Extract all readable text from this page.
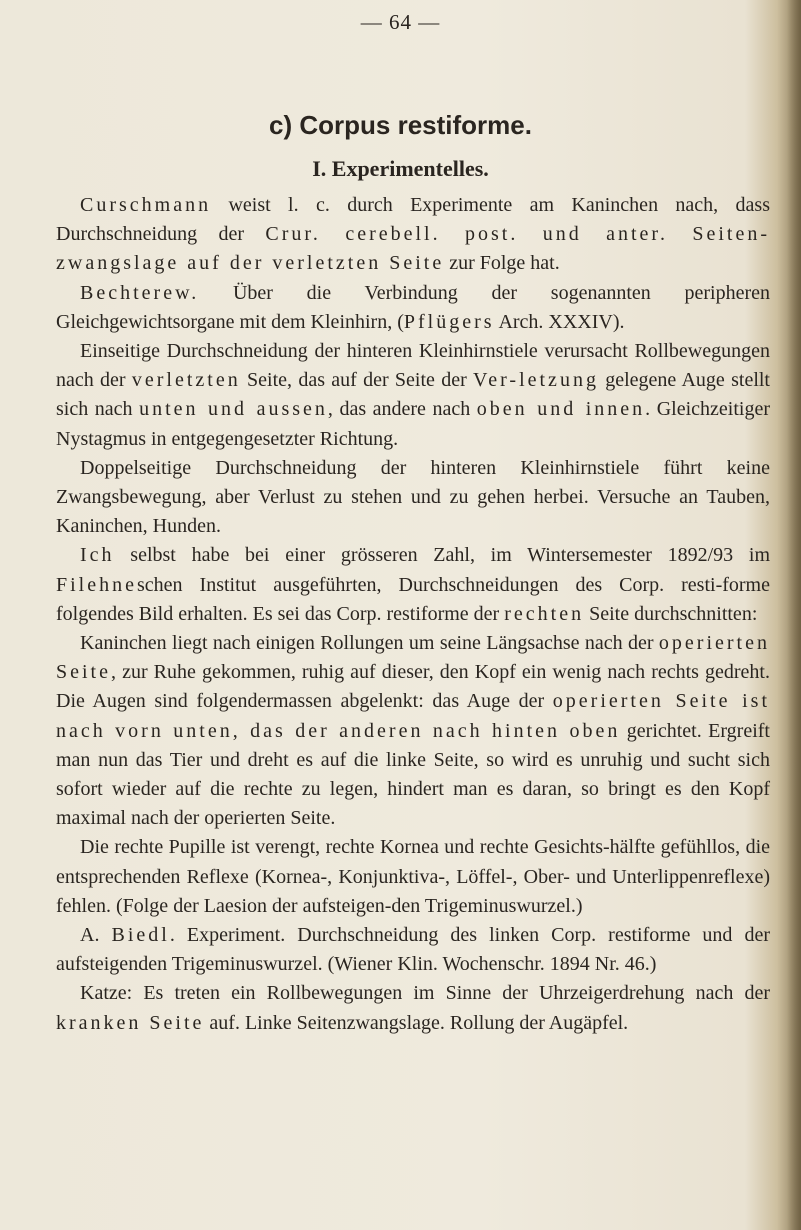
— 64 —
c) Corpus restiforme.
I. Experimentelles.

Curschmann weist l. c. durch Experimente am Kaninchen nach, dass Durchschneidung der Crur. cerebell. post. und anter. Seiten-zwangslage auf der verletzten Seite zur Folge hat.

Bechterew. Über die Verbindung der sogenannten peripheren Gleichgewichtsorgane mit dem Kleinhirn, (Pflügers Arch. XXXIV).

Einseitige Durchschneidung der hinteren Kleinhirnstiele verursacht Rollbewegungen nach der verletzten Seite, das auf der Seite der Ver-letzung gelegene Auge stellt sich nach unten und aussen, das andere nach oben und innen. Gleichzeitiger Nystagmus in entgegengesetzter Richtung.

Doppelseitige Durchschneidung der hinteren Kleinhirnstiele führt keine Zwangsbewegung, aber Verlust zu stehen und zu gehen herbei. Versuche an Tauben, Kaninchen, Hunden.

Ich selbst habe bei einer grösseren Zahl, im Wintersemester 1892/93 im Filehneschen Institut ausgeführten, Durchschneidungen des Corp. resti-forme folgendes Bild erhalten. Es sei das Corp. restiforme der rechten Seite durchschnitten:

Kaninchen liegt nach einigen Rollungen um seine Längsachse nach der operierten Seite, zur Ruhe gekommen, ruhig auf dieser, den Kopf ein wenig nach rechts gedreht. Die Augen sind folgendermassen abgelenkt: das Auge der operierten Seite ist nach vorn unten, das der anderen nach hinten oben gerichtet. Ergreift man nun das Tier und dreht es auf die linke Seite, so wird es unruhig und sucht sich sofort wieder auf die rechte zu legen, hindert man es daran, so bringt es den Kopf maximal nach der operierten Seite.

Die rechte Pupille ist verengt, rechte Kornea und rechte Gesichts-hälfte gefühllos, die entsprechenden Reflexe (Kornea-, Konjunktiva-, Löffel-, Ober- und Unterlippenreflexe) fehlen. (Folge der Laesion der aufsteigen-den Trigeminuswurzel.)

A. Biedl. Experiment. Durchschneidung des linken Corp. restiforme und der aufsteigenden Trigeminuswurzel. (Wiener Klin. Wochenschr. 1894 Nr. 46.)

Katze: Es treten ein Rollbewegungen im Sinne der Uhrzeigerdrehung nach der kranken Seite auf. Linke Seitenzwangslage. Rollung der Augäpfel.
